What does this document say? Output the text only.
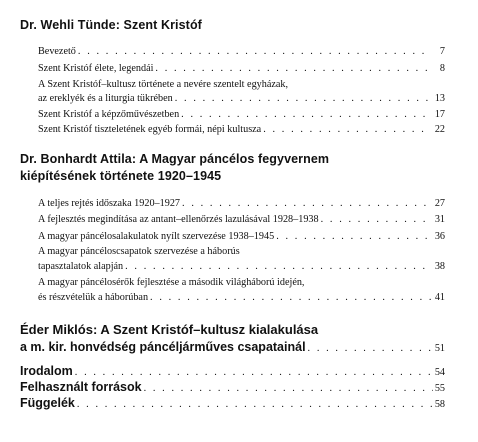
Dr. Wehli Tünde: Szent Kristóf
Bevezető . . .	7
Szent Kristóf élete, legendái . . .	8
A Szent Kristóf–kultusz története a nevére szentelt egyházak,
az ereklyék és a liturgia tükrében . . .	13
Szent Kristóf a képzőművészetben . . .	17
Szent Kristóf tiszteletének egyéb formái, népi kultusza . . .	22
Dr. Bonhardt Attila: A Magyar páncélos fegyvernem
kiépítésének története 1920–1945
A teljes rejtés időszaka 1920–1927 . . .	27
A fejlesztés megindítása az antant–ellenőrzés lazulásával 1928–1938 . . .	31
A magyar páncélosalakulatok nyílt szervezése 1938–1945 . . .	36
A magyar páncéloscsapatok szervezése a háborús
tapasztalatok alapján . . .	38
A magyar páncélosérők fejlesztése a második világháború idején,
és részvételük a háborúban . . .	41
Éder Miklós: A Szent Kristóf–kultusz kialakulása
a m. kir. honvédség páncéljárműves csapatainál . . .	51
Irodalom . . .	54
Felhasznált források . . .	55
Függelék . . .	58
